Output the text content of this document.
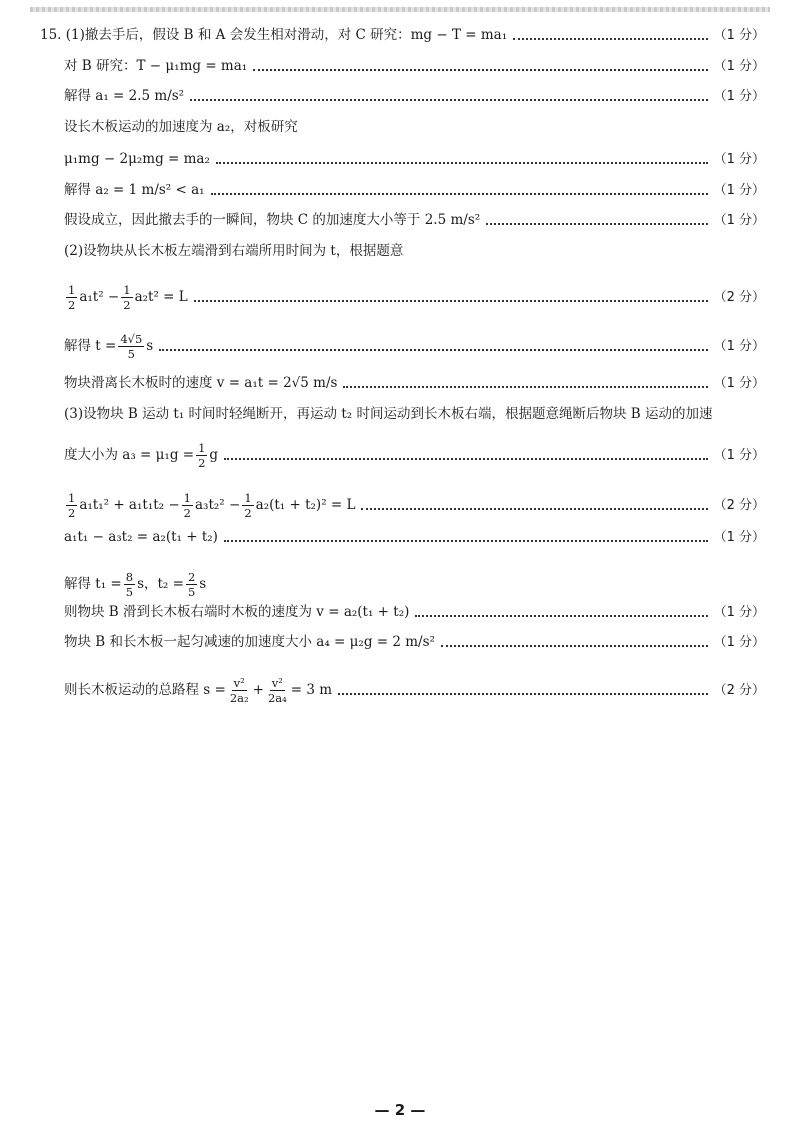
15. (1)撤去手后，假设 B 和 A 会发生相对滑动，对 C 研究：mg − T = ma₁	（1 分）
对 B 研究：T − μ₁mg = ma₁	（1 分）
解得 a₁ = 2.5 m/s²	（1 分）
设长木板运动的加速度为 a₂，对板研究
μ₁mg − 2μ₂mg = ma₂	（1 分）
解得 a₂ = 1 m/s² < a₁	（1 分）
假设成立，因此撤去手的一瞬间，物块 C 的加速度大小等于 2.5 m/s²	（1 分）
(2)设物块从长木板左端滑到右端所用时间为 t，根据题意
$\frac{1}{2} a_1t^2 - \frac{1}{2} a_2t^2 = L$	（2 分）
解得 $t = \frac{4√5}{5}$ s	（1 分）
物块滑离长木板时的速度 v = a₁t = 2√5 m/s	（1 分）
(3)设物块 B 运动 t₁ 时间时轻绳断开，再运动 t₂ 时间运动到长木板右端，根据题意绳断后物块 B 运动的加速
度大小为 $a_3 = \mu_1g = \frac{1}{2}$ g	（1 分）
$\frac{1}{2} a_1t_1^2 + a_1t_1t_2 - \frac{1}{2} a_3t_2^2 - \frac{1}{2} a_2(t_1 + t_2)^2 = L$	（2 分）
a₁t₁ − a₃t₂ = a₂(t₁ + t₂)	（1 分）
解得 $t_1 = \frac{8}{5}$ s，$t_2 = \frac{2}{5}$ s
则物块 B 滑到长木板右端时木板的速度为 v = a₂(t₁ + t₂)	（1 分）
物块 B 和长木板一起匀减速的加速度大小 a₄ = μ₂g = 2 m/s²	（1 分）
则长木板运动的总路程 $s = \frac{\text{v²}}{\text{2a₂}} + \frac{\text{v²}}{\text{2a₄}} = 3$ m	（2 分）
— 2 —
